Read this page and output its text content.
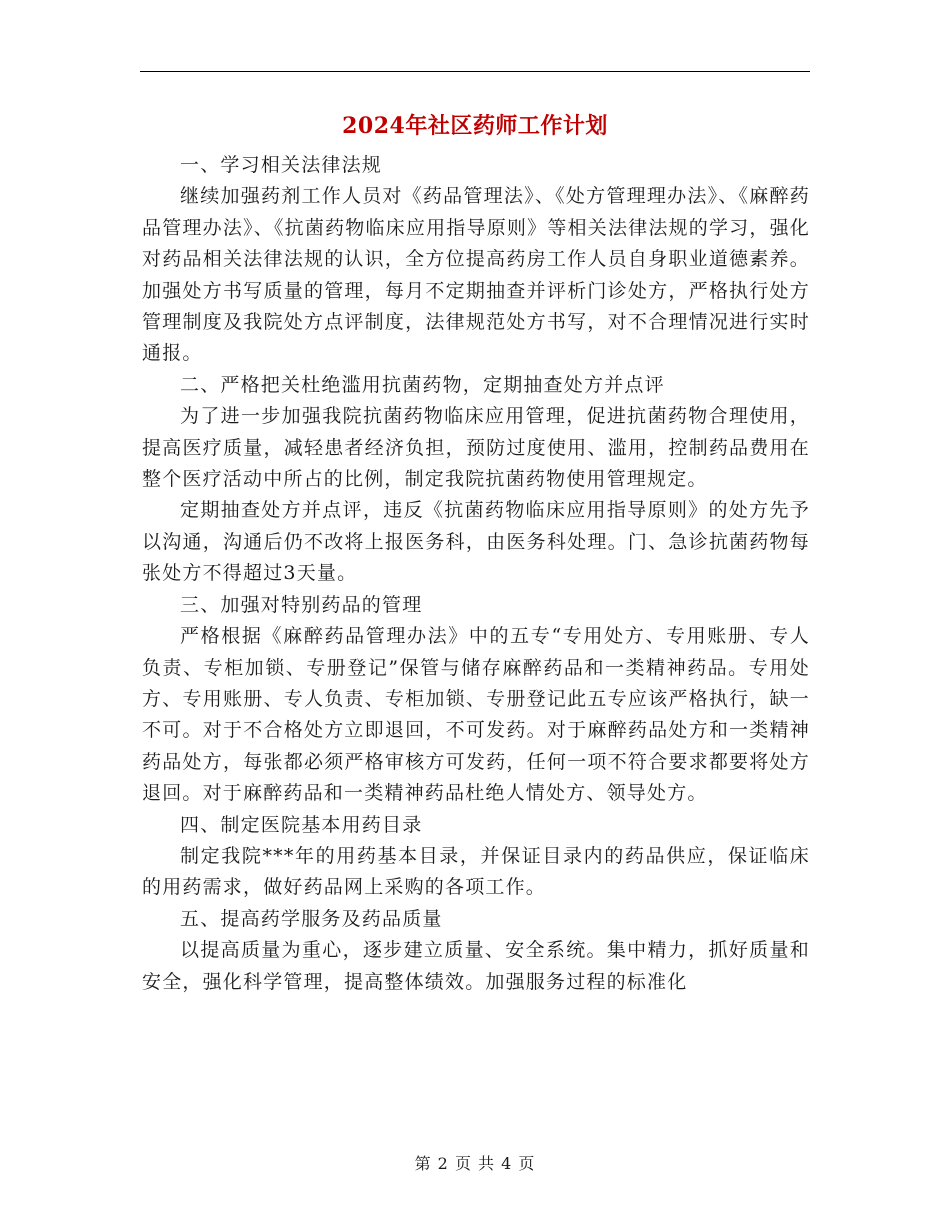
2024年社区药师工作计划

一、学习相关法律法规

继续加强药剂工作人员对《药品管理法》、《处方管理理办法》、《麻醉药品管理办法》、《抗菌药物临床应用指导原则》等相关法律法规的学习，强化对药品相关法律法规的认识，全方位提高药房工作人员自身职业道德素养。加强处方书写质量的管理，每月不定期抽查并评析门诊处方，严格执行处方管理制度及我院处方点评制度，法律规范处方书写，对不合理情况进行实时通报。

二、严格把关杜绝滥用抗菌药物，定期抽查处方并点评

为了进一步加强我院抗菌药物临床应用管理，促进抗菌药物合理使用，提高医疗质量，减轻患者经济负担，预防过度使用、滥用，控制药品费用在整个医疗活动中所占的比例，制定我院抗菌药物使用管理规定。

定期抽查处方并点评，违反《抗菌药物临床应用指导原则》的处方先予以沟通，沟通后仍不改将上报医务科，由医务科处理。门、急诊抗菌药物每张处方不得超过3天量。

三、加强对特别药品的管理

严格根据《麻醉药品管理办法》中的五专“专用处方、专用账册、专人负责、专柜加锁、专册登记”保管与储存麻醉药品和一类精神药品。专用处方、专用账册、专人负责、专柜加锁、专册登记此五专应该严格执行，缺一不可。对于不合格处方立即退回，不可发药。对于麻醉药品处方和一类精神药品处方，每张都必须严格审核方可发药，任何一项不符合要求都要将处方退回。对于麻醉药品和一类精神药品杜绝人情处方、领导处方。

四、制定医院基本用药目录

制定我院***年的用药基本目录，并保证目录内的药品供应，保证临床的用药需求，做好药品网上采购的各项工作。

五、提高药学服务及药品质量

以提高质量为重心，逐步建立质量、安全系统。集中精力，抓好质量和安全，强化科学管理，提高整体绩效。加强服务过程的标准化

第 2 页 共 4 页
